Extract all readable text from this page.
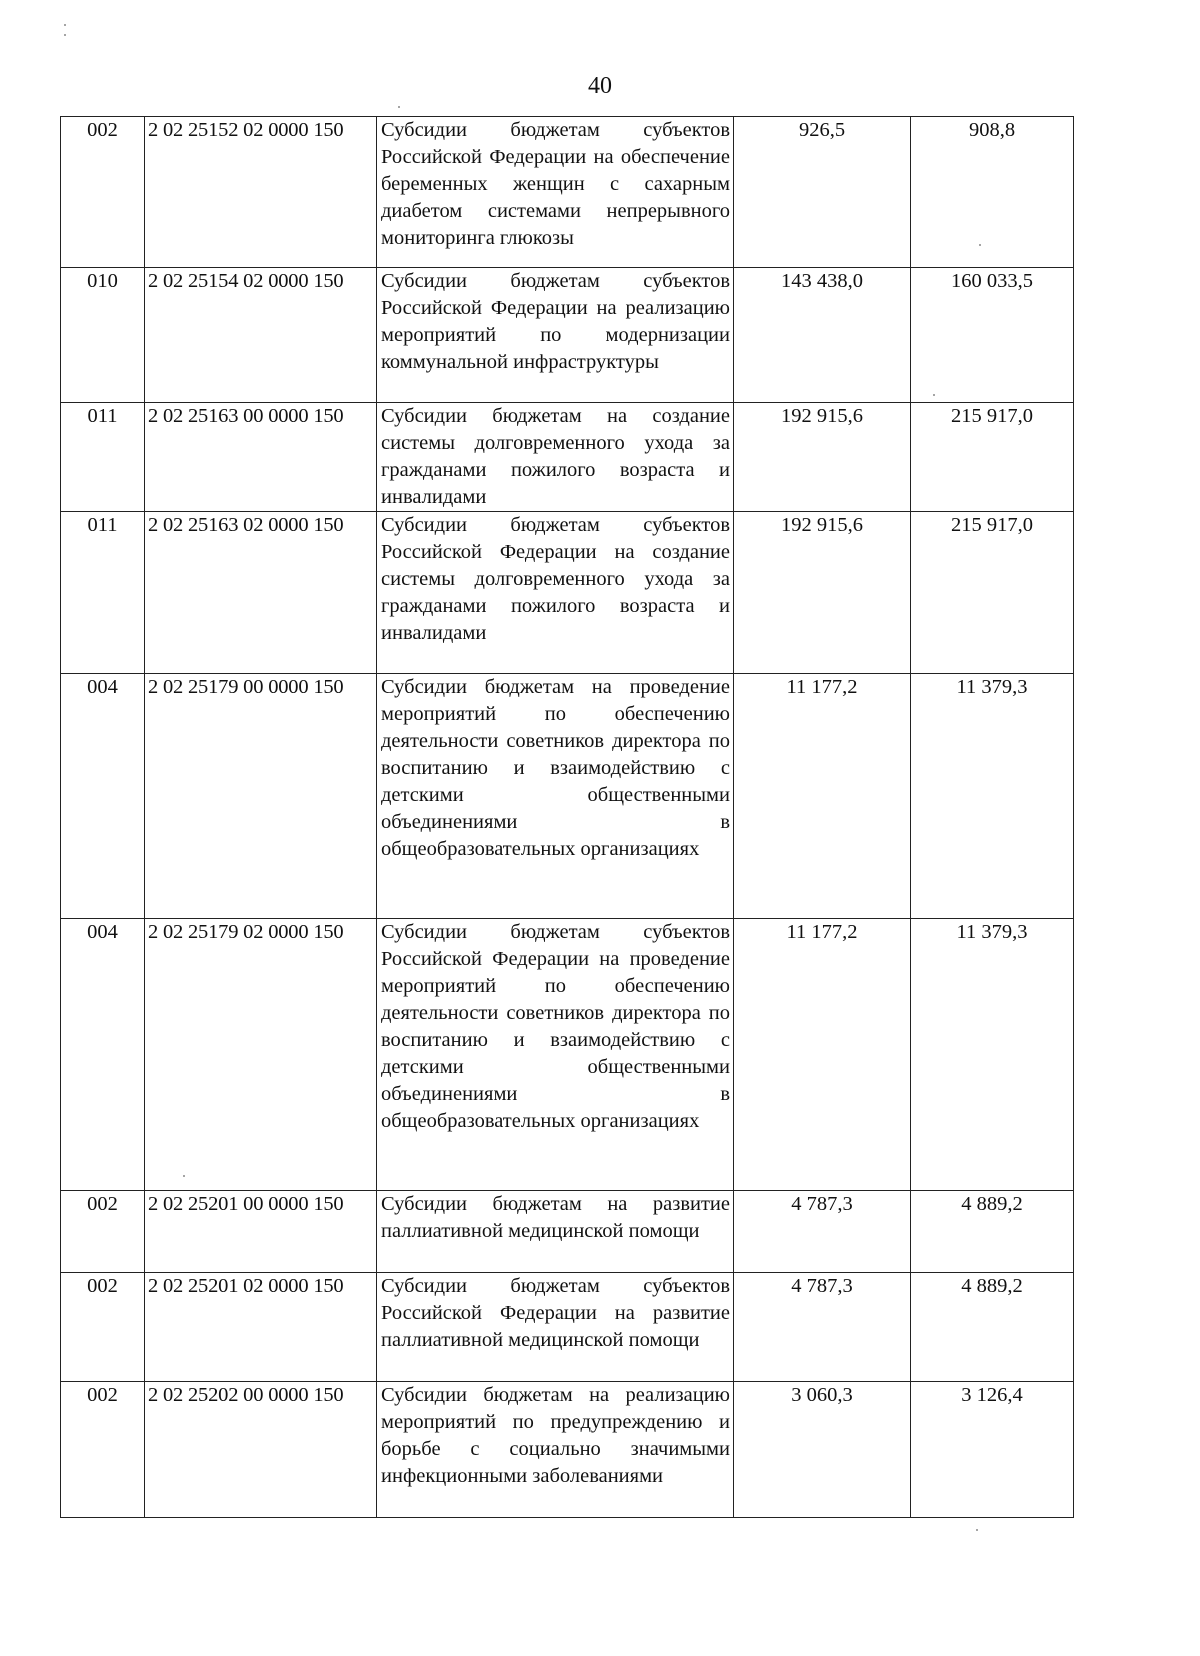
40
002	2 02 25152 02 0000 150	Субсидии бюджетам субъектов Российской Федерации на обеспечение беременных женщин с сахарным диабетом системами непрерывного мониторинга глюкозы	926,5	908,8
010	2 02 25154 02 0000 150	Субсидии бюджетам субъектов Российской Федерации на реализацию мероприятий по модернизации коммунальной инфраструктуры	143 438,0	160 033,5
011	2 02 25163 00 0000 150	Субсидии бюджетам на создание системы долговременного ухода за гражданами пожилого возраста и инвалидами	192 915,6	215 917,0
011	2 02 25163 02 0000 150	Субсидии бюджетам субъектов Российской Федерации на создание системы долговременного ухода за гражданами пожилого возраста и инвалидами	192 915,6	215 917,0
004	2 02 25179 00 0000 150	Субсидии бюджетам на проведение мероприятий по обеспечению деятельности советников директора по воспитанию и взаимодействию с детскими общественными объединениями в общеобразовательных организациях	11 177,2	11 379,3
004	2 02 25179 02 0000 150	Субсидии бюджетам субъектов Российской Федерации на проведение мероприятий по обеспечению деятельности советников директора по воспитанию и взаимодействию с детскими общественными объединениями в общеобразовательных организациях	11 177,2	11 379,3
002	2 02 25201 00 0000 150	Субсидии бюджетам на развитие паллиативной медицинской помощи	4 787,3	4 889,2
002	2 02 25201 02 0000 150	Субсидии бюджетам субъектов Российской Федерации на развитие паллиативной медицинской помощи	4 787,3	4 889,2
002	2 02 25202 00 0000 150	Субсидии бюджетам на реализацию мероприятий по предупреждению и борьбе с социально значимыми инфекционными заболеваниями	3 060,3	3 126,4
